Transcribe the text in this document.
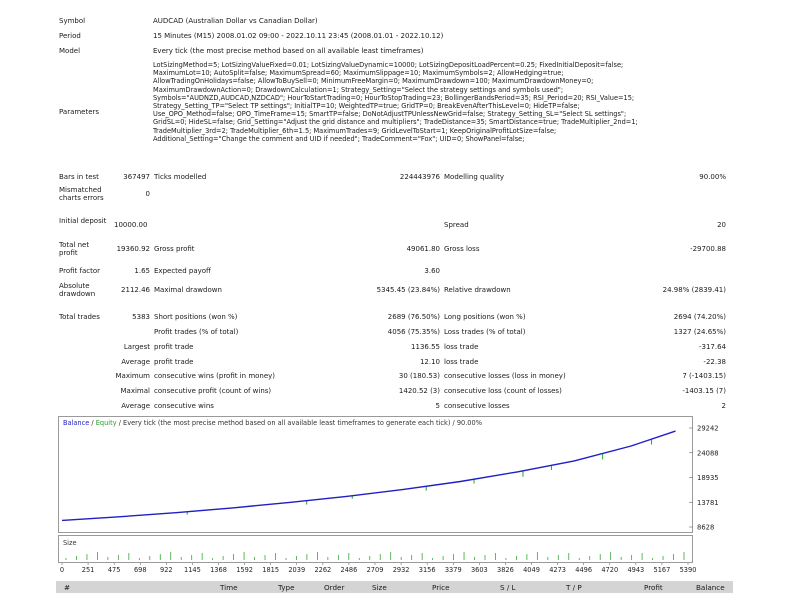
Symbol	AUDCAD (Australian Dollar vs Canadian Dollar)
Period	15 Minutes (M15) 2008.01.02 09:00 - 2022.10.11 23:45 (2008.01.01 - 2022.10.12)
Model	Every tick (the most precise method based on all available least timeframes)
Parameters
LotSizingMethod=5; LotSizingValueFixed=0.01; LotSizingValueDynamic=10000; LotSizingDepositLoadPercent=0.25; FixedInitialDeposit=false;
MaximumLot=10; AutoSplit=false; MaximumSpread=60; MaximumSlippage=10; MaximumSymbols=2; AllowHedging=true;
AllowTradingOnHolidays=false; AllowToBuySell=0; MinimumFreeMargin=0; MaximumDrawdown=100; MaximumDrawdownMoney=0;
MaximumDrawdownAction=0; DrawdownCalculation=1; Strategy_Setting="Select the strategy settings and symbols used";
Symbols="AUDNZD,AUDCAD,NZDCAD"; HourToStartTrading=0; HourToStopTrading=23; BollingerBandsPeriod=35; RSI_Period=20; RSI_Value=15;
Strategy_Setting_TP="Select TP settings"; InitialTP=10; WeightedTP=true; GridTP=0; BreakEvenAfterThisLevel=0; HideTP=false;
Use_OPO_Method=false; OPO_TimeFrame=15; SmartTP=false; DoNotAdjustTPUnlessNewGrid=false; Strategy_Setting_SL="Select SL settings";
GridSL=0; HideSL=false; Grid_Setting="Adjust the grid distance and multipliers"; TradeDistance=35; SmartDistance=true; TradeMultiplier_2nd=1;
TradeMultiplier_3rd=2; TradeMultiplier_6th=1.5; MaximumTrades=9; GridLevelToStart=1; KeepOriginalProfitLotSize=false;
Additional_Setting="Change the comment and UID if needed"; TradeComment="Fox"; UID=0; ShowPanel=false;
Bars in test	367497 Ticks modelled	224443976 Modelling quality	90.00%
Mismatched charts errors	0
Initial deposit	10000.00	Spread	20
Total net profit	19360.92 Gross profit	49061.80 Gross loss	-29700.88
Profit factor	1.65 Expected payoff	3.60
Absolute drawdown	2112.46 Maximal drawdown	5345.45 (23.84%) Relative drawdown	24.98% (2839.41)
Total trades	5383 Short positions (won %)	2689 (76.50%) Long positions (won %)	2694 (74.20%)
Profit trades (% of total)	4056 (75.35%) Loss trades (% of total)	1327 (24.65%)
Largest profit trade	1136.55 loss trade	-317.64
Average profit trade	12.10 loss trade	-22.38
Maximum consecutive wins (profit in money)	30 (180.53) consecutive losses (loss in money)	7 (-1403.15)
Maximal consecutive profit (count of wins)	1420.52 (3) consecutive loss (count of losses)	-1403.15 (7)
Average consecutive wins	5 consecutive losses	2
Balance / Equity / Every tick (the most precise method based on all available least timeframes to generate each tick) / 90.00%
29242
24088
18935
13781
8628
Size
0	251 475 698 922 1145 1368 1592 1815 2039 2262 2486 2709 2932 3156 3379 3603 3826 4049 4273 4496 4720 4943 5167 5390
#	Time	Type	Order	Size	Price	S / L	T / P	Profit	Balance
